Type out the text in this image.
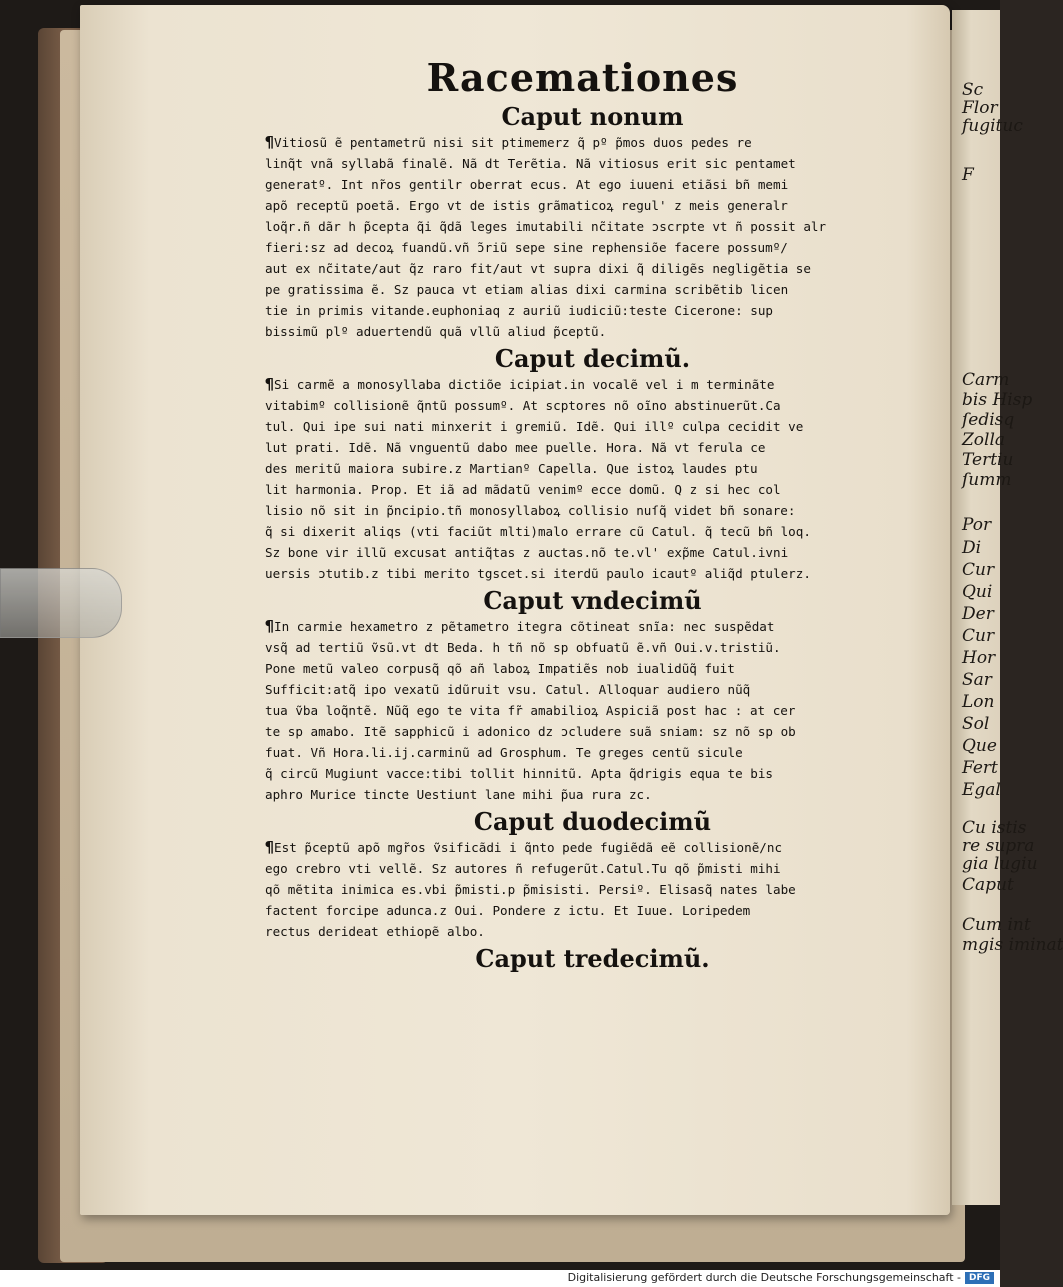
Sc
Flor
fugituc
F
Carm
bis Hisp
ſedisq
Zolla
Tertiu
ſumm
Por
Di
Cur
Qui
Der
Cur
Hor
Sar
Lon
Sol
Que
Fert
Egal
Cu istis
re supra
gia lugiu
Caput
Cum int
mgis iminat
Racemationes
Caput nonum
¶Vitiosũ ẽ pentametrũ nisi sit ptimemerz q̃ pº p̃mos duos pedes re
linq̃t vnã syllabã finalẽ. Nã dt Terẽtia. Nã vitiosus erit sic pentamet
generatº. Int nr̃os gentilr oberrat ecus. At ego iuueni etiãsi bñ memi
apõ receptũ poetã. Ergo vt de istis grãmaticoꝝ regul' z meis generalr
loq̃r.ñ dãr h p̃cepta q̃i q̃dã leges imutabili nc̃itate ɔscrpte vt ñ possit alr
fieri:sz ad decoꝝ fuandũ.vñ ɔ̃riũ sepe sine rephensiõe facere possumº/
aut ex nc̃itate/aut q̃z raro fit/aut vt supra dixi q̃ diligẽs negligẽtia se
pe gratissima ẽ. Sz pauca vt etiam alias dixi carmina scribẽtib licen
tie in primis vitande.euphoniaq z auriũ iudiciũ:teste Cicerone: sup
bissimũ plº aduertendũ quã vllũ aliud p̃ceptũ.
Caput decimũ.
¶Si carmẽ a monosyllaba dictiõe icipiat.in vocalẽ vel i m terminãte
vitabimº collisionẽ q̃ntũ possumº. At scptores nõ oĩno abstinuerũt.Ca
tul. Qui ipe sui nati minxerit i gremiũ. Idẽ. Qui illº culpa cecidit ve
lut prati. Idẽ. Nã vnguentũ dabo mee puelle. Hora. Nã vt ferula ce
des meritũ maiora subire.z Martianº Capella. Que istoꝝ laudes ptu
lit harmonia. Prop. Et iã ad mãdatũ venimº ecce domũ. Q z si hec col
lisio nõ sit in p̃ncipio.tñ monosyllaboꝝ collisio nuſq̃ videt bñ sonare:
q̃ si dixerit aliqs (vti faciũt mlti)malo errare cũ Catul. q̃ tecũ bñ loq.
Sz bone vir illũ excusat antiq̃tas z auctas.nõ te.vl' exp̃me Catul.ivni
uersis ɔtutib.z tibi merito tgscet.si iterdũ paulo icautº aliq̃d ptulerz.
Caput vndecimũ
¶In carmie hexametro z pẽtametro itegra cõtineat snĩa: nec suspẽdat
vsq̃ ad tertiũ ṽsũ.vt dt Beda. h tñ nõ sp obfuatũ ẽ.vñ Oui.v.tristiũ.
Pone metũ valeo corpusq̃ qõ añ laboꝝ Impatiẽs nob iualidũq̃ fuit
Sufficit:atq̃ ipo vexatũ idũruit vsu. Catul. Alloquar audiero nũq̃
tua ṽba loq̃ntẽ. Nũq̃ ego te vita fr̃ amabilioꝝ Aspiciã post hac : at cer
te sp amabo. Itẽ sapphicũ i adonico dz ɔcludere suã sniam: sz nõ sp ob
fuat. Vñ Hora.li.ij.carminũ ad Grosphum. Te greges centũ sicule
q̃ circũ Mugiunt vacce:tibi tollit hinnitũ. Apta q̃drigis equa te bis
aphro Murice tincte Uestiunt lane mihi p̃ua rura zc.
Caput duodecimũ
¶Est p̃ceptũ apõ mgr̃os ṽsificãdi i q̃nto pede fugiẽdã eẽ collisionẽ/nc
ego crebro vti vellẽ. Sz autores ñ refugerũt.Catul.Tu qõ p̃misti mihi
qõ mẽtita inimica es.vbi p̃misti.p p̃misisti. Persiº. Elisasq̃ nates labe
factent forcipe adunca.z Oui. Pondere z ictu. Et Iuue. Loripedem
rectus derideat ethiopẽ albo.
Caput tredecimũ.
Digitalisierung gefördert durch die Deutsche Forschungsgemeinschaft - DFG
